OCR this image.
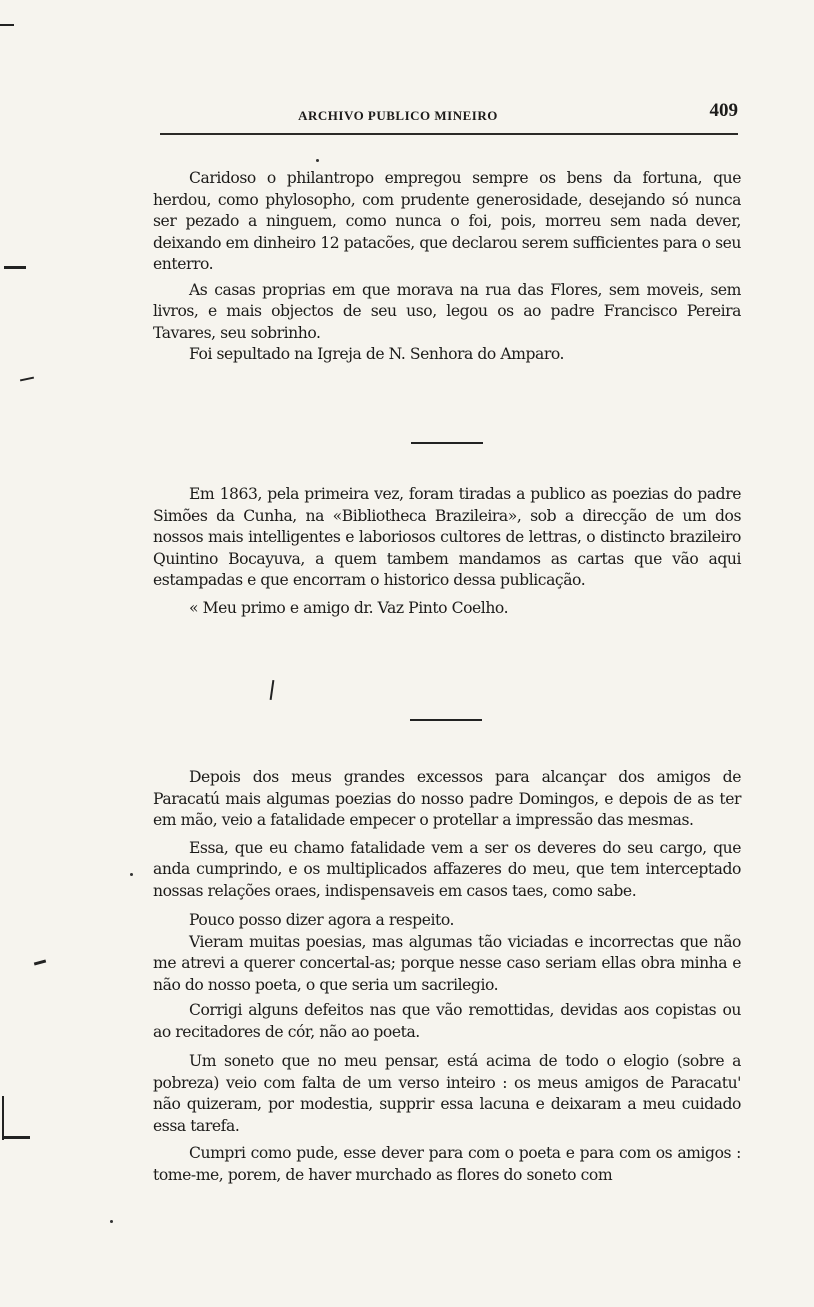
ARCHIVO PUBLICO MINEIRO	409

Caridoso o philantropo empregou sempre os bens da fortuna, que herdou, como phylosopho, com prudente generosidade, desejando só nunca ser pezado a ninguem, como nunca o foi, pois, morreu sem nada dever, deixando em dinheiro 12 patacões, que declarou serem sufficientes para o seu enterro.

As casas proprias em que morava na rua das Flores, sem moveis, sem livros, e mais objectos de seu uso, legou os ao padre Francisco Pereira Tavares, seu sobrinho.

Foi sepultado na Igreja de N. Senhora do Amparo.

Em 1863, pela primeira vez, foram tiradas a publico as poezias do padre Simões da Cunha, na «Bibliotheca Brazileira», sob a direcção de um dos nossos mais intelligentes e laboriosos cultores de lettras, o distincto brazileiro Quintino Bocayuva, a quem tambem mandamos as cartas que vão aqui estampadas e que encorram o historico dessa publicação.

« Meu primo e amigo dr. Vaz Pinto Coelho.

Depois dos meus grandes excessos para alcançar dos amigos de Paracatú mais algumas poezias do nosso padre Domingos, e depois de as ter em mão, veio a fatalidade empecer o protellar a impressão das mesmas.

Essa, que eu chamo fatalidade vem a ser os deveres do seu cargo, que anda cumprindo, e os multiplicados affazeres do meu, que tem interceptado nossas relações oraes, indispensaveis em casos taes, como sabe.

Pouco posso dizer agora a respeito.

Vieram muitas poesias, mas algumas tão viciadas e incorrectas que não me atrevi a querer concertal-as; porque nesse caso seriam ellas obra minha e não do nosso poeta, o que seria um sacrilegio.

Corrigi alguns defeitos nas que vão remottidas, devidas aos copistas ou ao recitadores de cór, não ao poeta.

Um soneto que no meu pensar, está acima de todo o elogio (sobre a pobreza) veio com falta de um verso inteiro : os meus amigos de Paracatu' não quizeram, por modestia, supprir essa lacuna e deixaram a meu cuidado essa tarefa.

Cumpri como pude, esse dever para com o poeta e para com os amigos : tome-me, porem, de haver murchado as flores do soneto com
